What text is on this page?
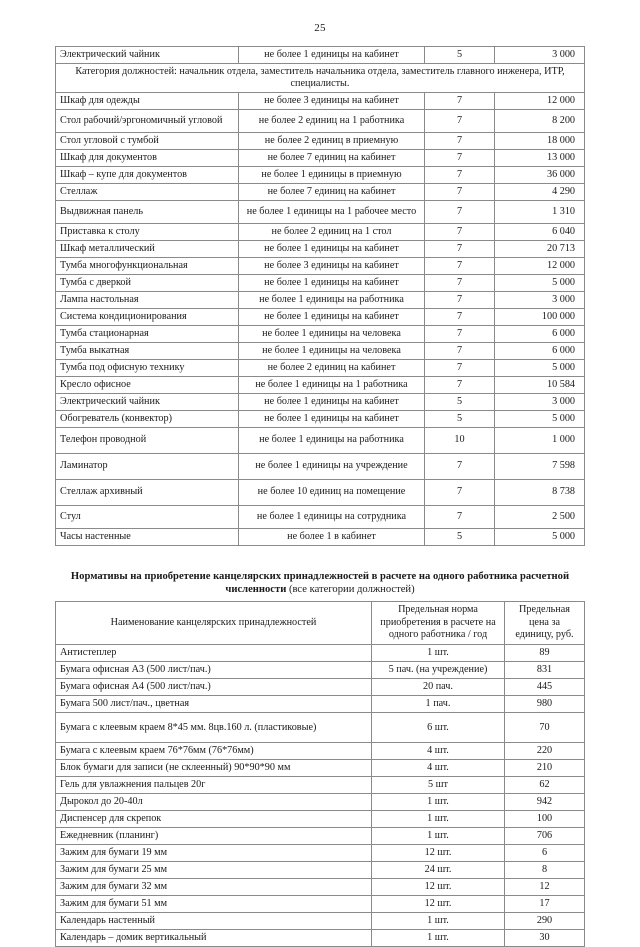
25
Электрический чайник	не более 1 единицы на кабинет	5	3 000
Категория должностей: начальник отдела, заместитель начальника отдела, заместитель главного инженера, ИТР, специалисты.			
Шкаф для одежды	не более 3 единицы на кабинет	7	12 000
Стол рабочий/эргономичный угловой	не более 2 единиц на 1 работника	7	8 200
Стол угловой с тумбой	не более 2 единиц в приемную	7	18 000
Шкаф для документов	не более 7 единиц на кабинет	7	13 000
Шкаф – купе для документов	не более 1 единицы в приемную	7	36 000
Стеллаж	не более 7 единиц на кабинет	7	4 290
Выдвижная панель	не более 1 единицы на 1 рабочее место	7	1 310
Приставка к столу	не более 2 единиц на 1 стол	7	6 040
Шкаф металлический	не более 1 единицы на кабинет	7	20 713
Тумба многофункциональная	не более 3 единицы на кабинет	7	12 000
Тумба с дверкой	не более 1 единицы на кабинет	7	5 000
Лампа настольная	не более 1 единицы на работника	7	3 000
Система кондиционирования	не более 1 единицы на кабинет	7	100 000
Тумба стационарная	не более 1 единицы на человека	7	6 000
Тумба выкатная	не более 1 единицы на человека	7	6 000
Тумба под офисную технику	не более 2 единиц на кабинет	7	5 000
Кресло офисное	не более 1 единицы на 1 работника	7	10 584
Электрический чайник	не более 1 единицы на кабинет	5	3 000
Обогреватель (конвектор)	не более 1 единицы на кабинет	5	5 000
Телефон проводной	не более 1 единицы на работника	10	1 000
Ламинатор	не более 1 единицы на учреждение	7	7 598
Стеллаж архивный	не более 10 единиц на помещение	7	8 738
Стул	не более 1 единицы на сотрудника	7	2 500
Часы настенные	не более 1 в кабинет	5	5 000
Нормативы на приобретение канцелярских принадлежностей в расчете на одного работника расчетной численности (все категории должностей)
Наименование канцелярских принадлежностей	Предельная норма приобретения в расчете на одного работника / год	Предельная цена за единицу, руб.
Антистеплер	1 шт.	89
Бумага офисная А3 (500 лист/пач.)	5 пач. (на учреждение)	831
Бумага офисная А4 (500 лист/пач.)	20 пач.	445
Бумага 500 лист/пач., цветная	1 пач.	980
Бумага с клеевым краем 8*45 мм. 8цв.160 л. (пластиковые)	6 шт.	70
Бумага с клеевым краем 76*76мм (76*76мм)	4 шт.	220
Блок бумаги для записи (не склеенный) 90*90*90 мм	4 шт.	210
Гель для увлажнения пальцев 20г	5 шт	62
Дырокол до 20-40л	1 шт.	942
Диспенсер для скрепок	1 шт.	100
Ежедневник (планинг)	1 шт.	706
Зажим для бумаги 19 мм	12 шт.	6
Зажим для бумаги 25 мм	24 шт.	8
Зажим для бумаги 32 мм	12 шт.	12
Зажим для бумаги 51 мм	12 шт.	17
Календарь настенный	1 шт.	290
Календарь – домик вертикальный	1 шт.	30
